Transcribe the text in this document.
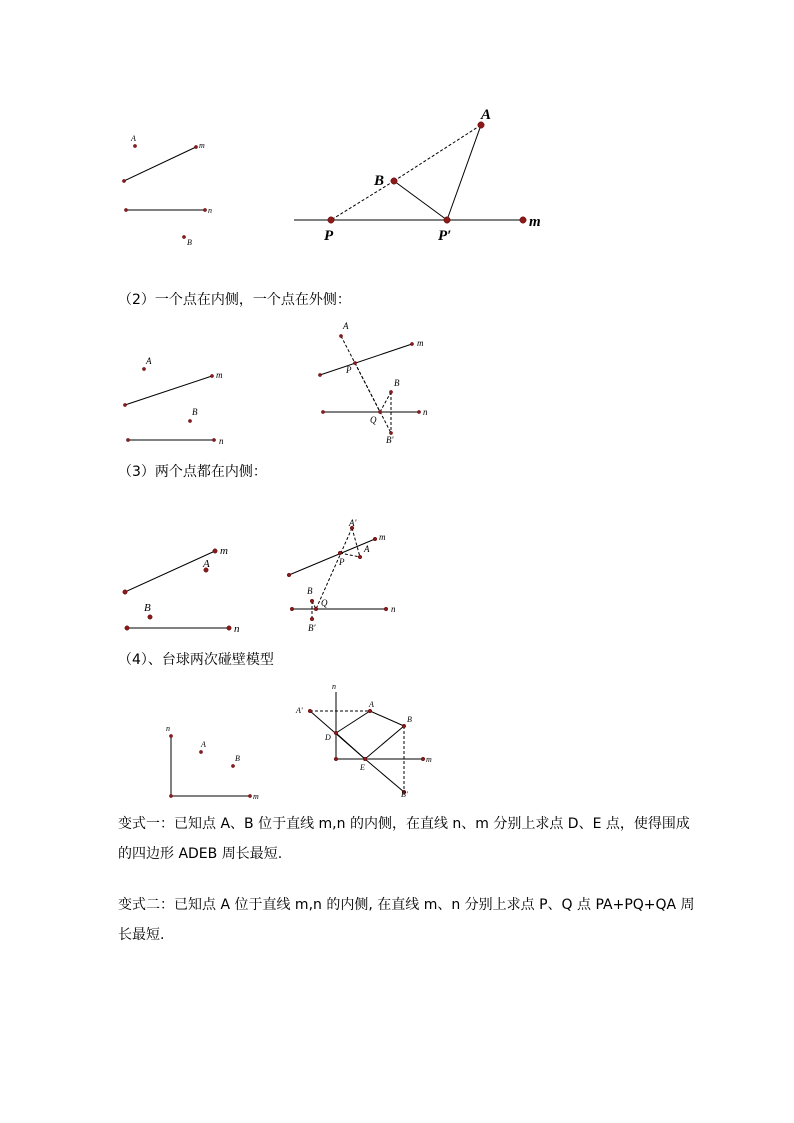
A
m
n
B
A
B
P	P′
m
（2）一个点在内侧，一个点在外侧：
A
m
B
n
A
m
P
B
n
Q
B'
（3）两个点都在内侧：
m
A
B
n
A'
m
P
A
B
Q
n
B'
（4）、台球两次碰壁模型
n
A
B
m
n
A'
A
B
D
E
m
B'
变式一：已知点 A、B 位于直线 m,n 的内侧，在直线 n、m 分别上求点 D、E 点，使得围成的四边形 ADEB 周长最短.
变式二：已知点 A 位于直线 m,n 的内侧, 在直线 m、n 分别上求点 P、Q 点 PA+PQ+QA 周长最短.
